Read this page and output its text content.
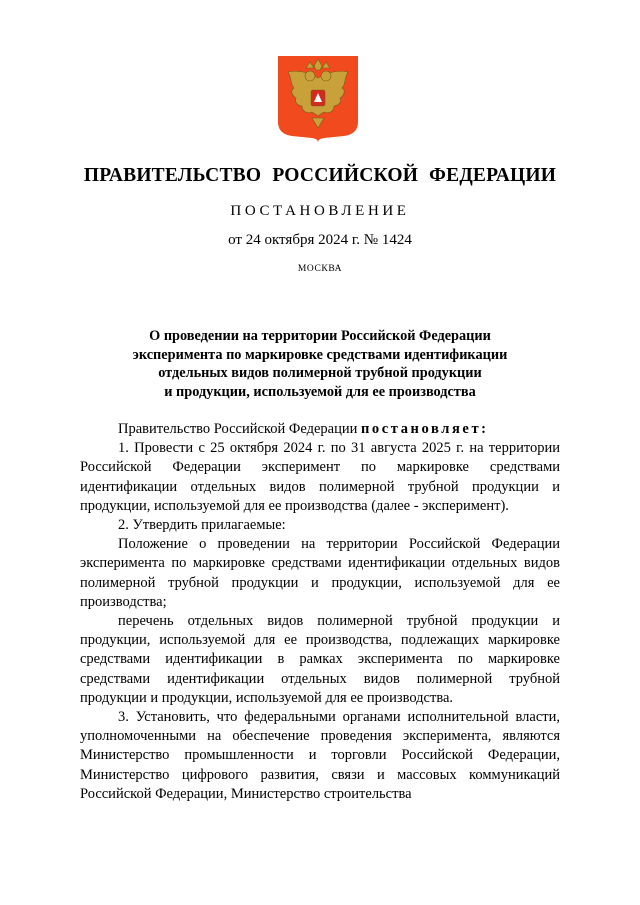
ПРАВИТЕЛЬСТВО РОССИЙСКОЙ ФЕДЕРАЦИИ
ПОСТАНОВЛЕНИЕ
от 24 октября 2024 г. № 1424
МОСКВА
О проведении на территории Российской Федерации
эксперимента по маркировке средствами идентификации
отдельных видов полимерной трубной продукции
и продукции, используемой для ее производства

Правительство Российской Федерации постановляет:

1. Провести с 25 октября 2024 г. по 31 августа 2025 г. на территории Российской Федерации эксперимент по маркировке средствами идентификации отдельных видов полимерной трубной продукции и продукции, используемой для ее производства (далее - эксперимент).

2. Утвердить прилагаемые:

Положение о проведении на территории Российской Федерации эксперимента по маркировке средствами идентификации отдельных видов полимерной трубной продукции и продукции, используемой для ее производства;

перечень отдельных видов полимерной трубной продукции и продукции, используемой для ее производства, подлежащих маркировке средствами идентификации в рамках эксперимента по маркировке средствами идентификации отдельных видов полимерной трубной продукции и продукции, используемой для ее производства.

3. Установить, что федеральными органами исполнительной власти, уполномоченными на обеспечение проведения эксперимента, являются Министерство промышленности и торговли Российской Федерации, Министерство цифрового развития, связи и массовых коммуникаций Российской Федерации, Министерство строительства
